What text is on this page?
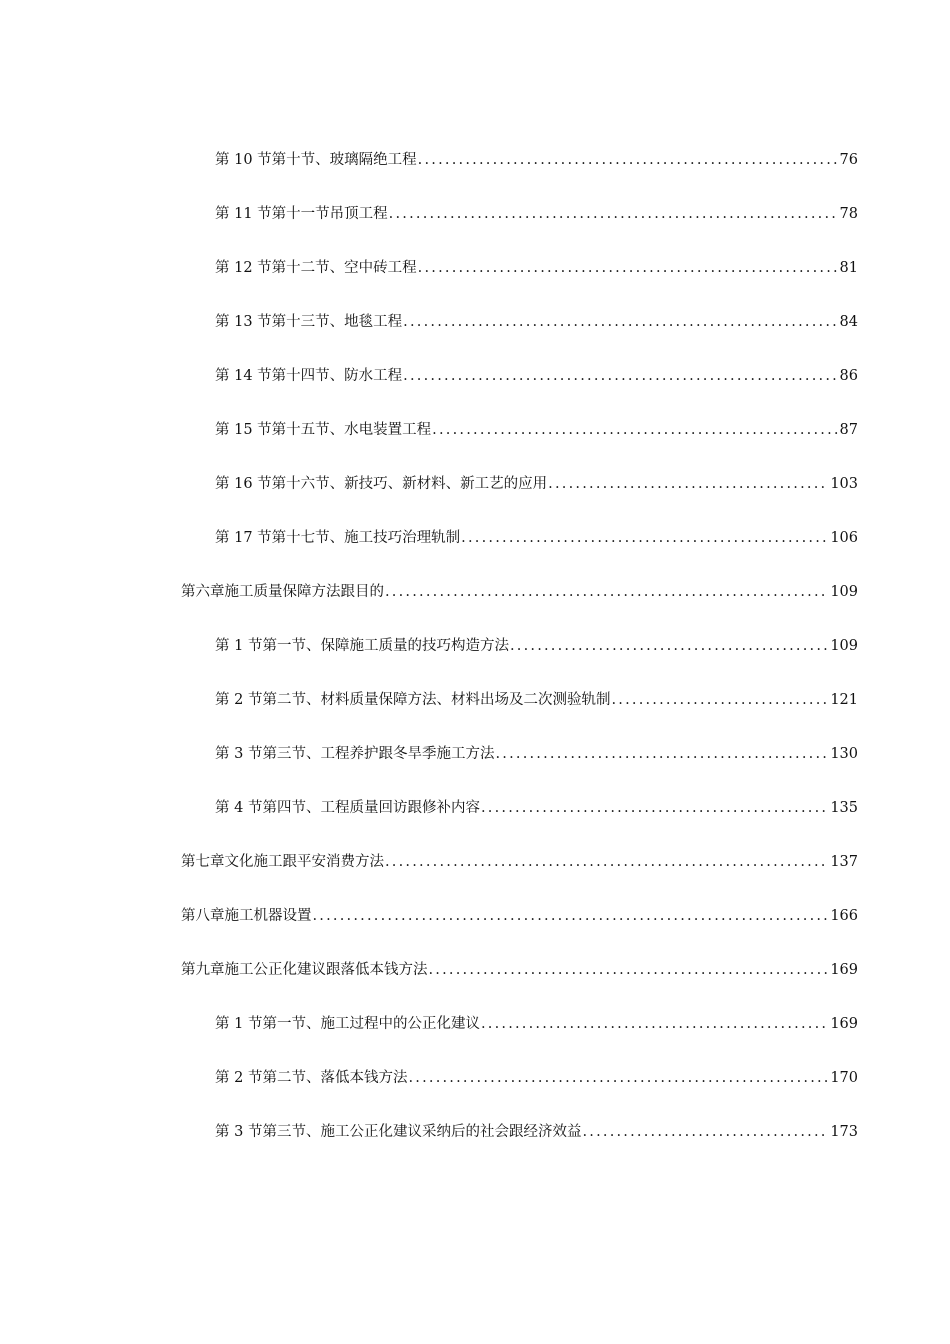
第 10 节第十节、玻璃隔绝工程 .....	76
第 11 节第十一节吊顶工程 .....	78
第 12 节第十二节、空中砖工程 .....	81
第 13 节第十三节、地毯工程 .....	84
第 14 节第十四节、防水工程 .....	86
第 15 节第十五节、水电装置工程 .....	87
第 16 节第十六节、新技巧、新材料、新工艺的应用 .....	103
第 17 节第十七节、施工技巧治理轨制 .....	106
第六章施工质量保障方法跟目的 .....	109
第 1 节第一节、保障施工质量的技巧构造方法 .....	109
第 2 节第二节、材料质量保障方法、材料出场及二次测验轨制 .....	121
第 3 节第三节、工程养护跟冬旱季施工方法 .....	130
第 4 节第四节、工程质量回访跟修补内容 .....	135
第七章文化施工跟平安消费方法 .....	137
第八章施工机器设置 .....	166
第九章施工公正化建议跟落低本钱方法 .....	169
第 1 节第一节、施工过程中的公正化建议 .....	169
第 2 节第二节、落低本钱方法 .....	170
第 3 节第三节、施工公正化建议采纳后的社会跟经济效益 .....	173
